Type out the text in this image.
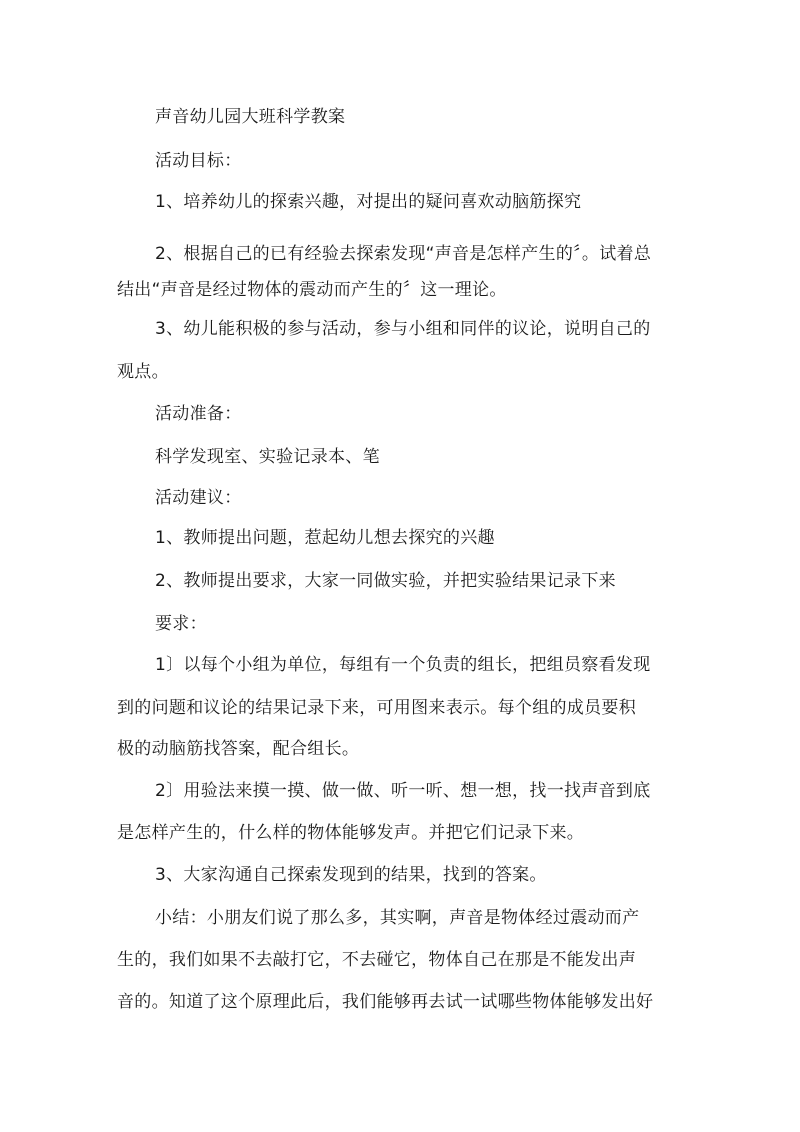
声音幼儿园大班科学教案
活动目标：
1、培养幼儿的探索兴趣，对提出的疑问喜欢动脑筋探究
2、根据自己的已有经验去探索发现“声音是怎样产生的〞。试着总
结出“声音是经过物体的震动而产生的〞这一理论。
3、幼儿能积极的参与活动，参与小组和同伴的议论，说明自己的
观点。
活动准备：
科学发现室、实验记录本、笔
活动建议：
1、教师提出问题，惹起幼儿想去探究的兴趣
2、教师提出要求，大家一同做实验，并把实验结果记录下来
要求：
1〕以每个小组为单位，每组有一个负责的组长，把组员察看发现
到的问题和议论的结果记录下来，可用图来表示。每个组的成员要积
极的动脑筋找答案，配合组长。
2〕用验法来摸一摸、做一做、听一听、想一想，找一找声音到底
是怎样产生的，什么样的物体能够发声。并把它们记录下来。
3、大家沟通自己探索发现到的结果，找到的答案。
小结：小朋友们说了那么多，其实啊，声音是物体经过震动而产
生的，我们如果不去敲打它，不去碰它，物体自己在那是不能发出声
音的。知道了这个原理此后，我们能够再去试一试哪些物体能够发出好
